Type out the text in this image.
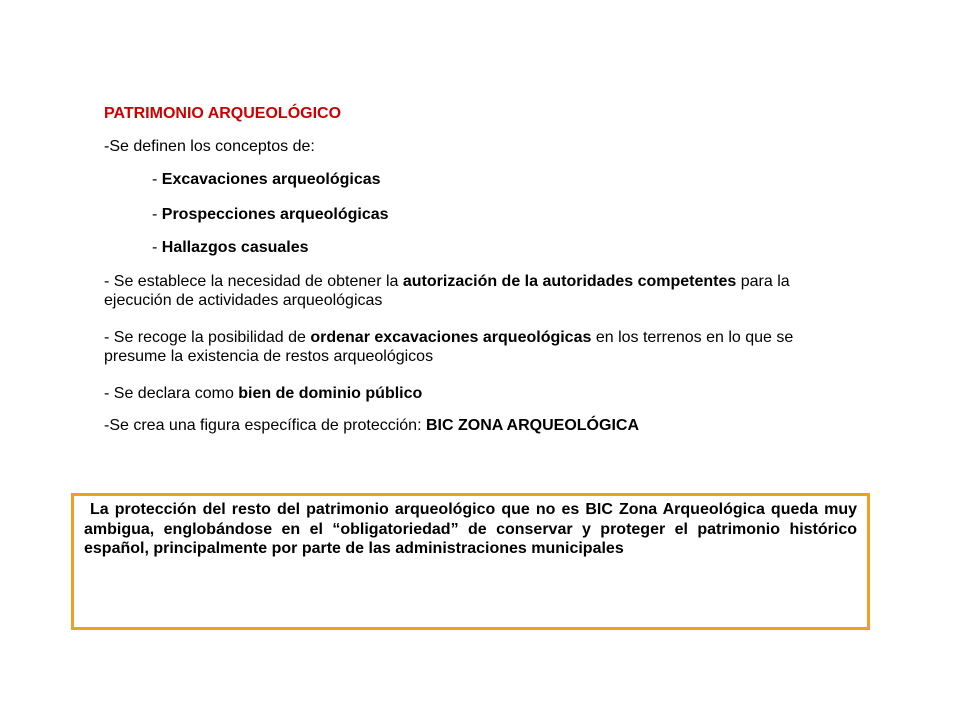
PATRIMONIO ARQUEOLÓGICO

-Se definen los conceptos de:

- Excavaciones arqueológicas

- Prospecciones arqueológicas

- Hallazgos casuales

- Se establece la necesidad de obtener la autorización de la autoridades competentes para la ejecución de actividades arqueológicas

- Se recoge la posibilidad de ordenar excavaciones arqueológicas en los terrenos en lo que se presume la existencia de restos arqueológicos

- Se declara como bien de dominio público

-Se crea una figura específica de protección: BIC ZONA ARQUEOLÓGICA

La protección del resto del patrimonio arqueológico que no es BIC Zona Arqueológica queda muy ambigua, englobándose en el “obligatoriedad” de conservar y proteger el patrimonio histórico español, principalmente por parte de las administraciones municipales
